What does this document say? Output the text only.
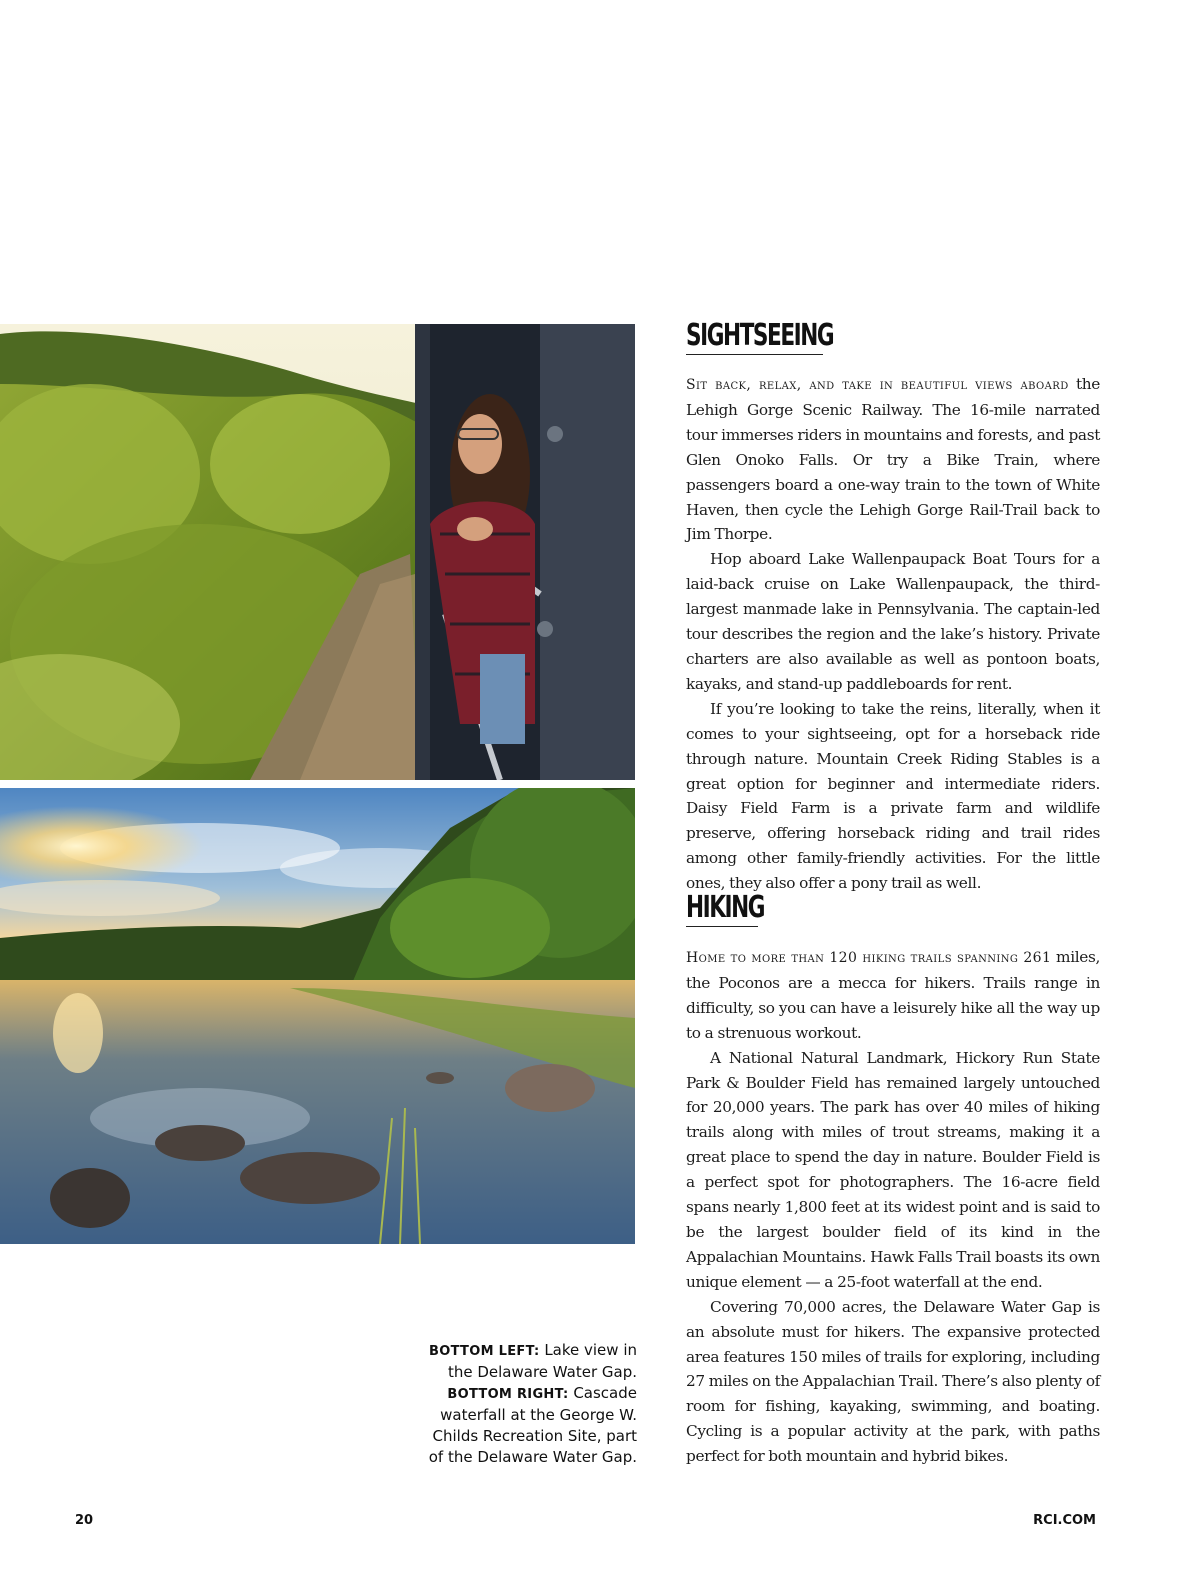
BOTTOM LEFT: Lake view in the Delaware Water Gap.
BOTTOM RIGHT: Cascade waterfall at the George W. Childs Recreation Site, part of the Delaware Water Gap.
SIGHTSEEING

Sit back, relax, and take in beautiful views aboard the Lehigh Gorge Scenic Railway. The 16-mile narrated tour immerses riders in mountains and forests, and past Glen Onoko Falls. Or try a Bike Train, where passengers board a one-way train to the town of White Haven, then cycle the Lehigh Gorge Rail-Trail back to Jim Thorpe.

Hop aboard Lake Wallenpaupack Boat Tours for a laid-back cruise on Lake Wallenpaupack, the third-largest manmade lake in Pennsylvania. The captain-led tour describes the region and the lake’s history. Private charters are also available as well as pontoon boats, kayaks, and stand-up paddleboards for rent.

If you’re looking to take the reins, literally, when it comes to your sightseeing, opt for a horseback ride through nature. Mountain Creek Riding Stables is a great option for beginner and intermediate riders. Daisy Field Farm is a private farm and wildlife preserve, offering horseback riding and trail rides among other family-friendly activities. For the little ones, they also offer a pony trail as well.

HIKING

Home to more than 120 hiking trails spanning 261 miles, the Poconos are a mecca for hikers. Trails range in difficulty, so you can have a leisurely hike all the way up to a strenuous workout.

A National Natural Landmark, Hickory Run State Park & Boulder Field has remained largely untouched for 20,000 years. The park has over 40 miles of hiking trails along with miles of trout streams, making it a great place to spend the day in nature. Boulder Field is a perfect spot for photographers. The 16-acre field spans nearly 1,800 feet at its widest point and is said to be the largest boulder field of its kind in the Appalachian Mountains. Hawk Falls Trail boasts its own unique element — a 25-foot waterfall at the end.

Covering 70,000 acres, the Delaware Water Gap is an absolute must for hikers. The expansive protected area features 150 miles of trails for exploring, including 27 miles on the Appalachian Trail. There’s also plenty of room for fishing, kayaking, swimming, and boating. Cycling is a popular activity at the park, with paths perfect for both mountain and hybrid bikes.

20	RCI.COM
